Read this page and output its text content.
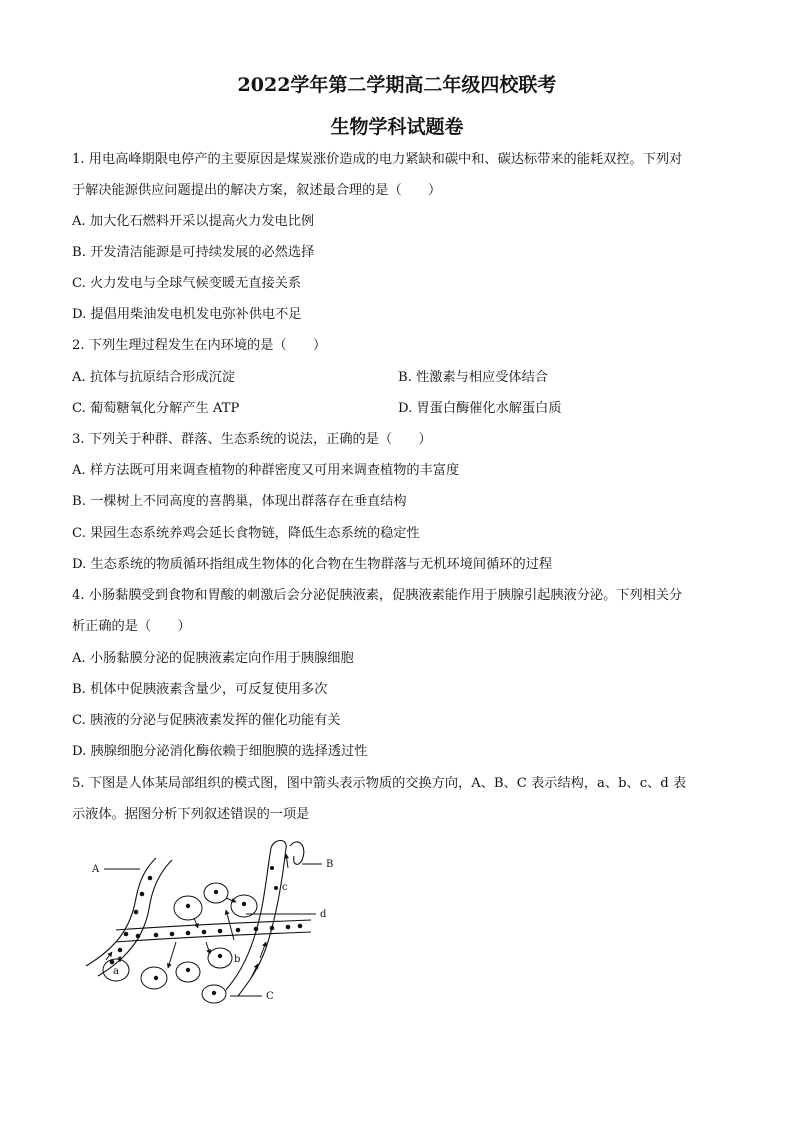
2022学年第二学期高二年级四校联考
生物学科试题卷
1. 用电高峰期限电停产的主要原因是煤炭涨价造成的电力紧缺和碳中和、碳达标带来的能耗双控。下列对
于解决能源供应问题提出的解决方案，叙述最合理的是（　　）
A. 加大化石燃料开采以提高火力发电比例
B. 开发清洁能源是可持续发展的必然选择
C. 火力发电与全球气候变暖无直接关系
D. 提倡用柴油发电机发电弥补供电不足
2. 下列生理过程发生在内环境的是（　　）
A. 抗体与抗原结合形成沉淀	B. 性激素与相应受体结合
C. 葡萄糖氧化分解产生 ATP	D. 胃蛋白酶催化水解蛋白质
3. 下列关于种群、群落、生态系统的说法，正确的是（　　）
A. 样方法既可用来调查植物的种群密度又可用来调查植物的丰富度
B. 一棵树上不同高度的喜鹊巢，体现出群落存在垂直结构
C. 果园生态系统养鸡会延长食物链，降低生态系统的稳定性
D. 生态系统的物质循环指组成生物体的化合物在生物群落与无机环境间循环的过程
4. 小肠黏膜受到食物和胃酸的刺激后会分泌促胰液素，促胰液素能作用于胰腺引起胰液分泌。下列相关分
析正确的是（　　）
A. 小肠黏膜分泌的促胰液素定向作用于胰腺细胞
B. 机体中促胰液素含量少，可反复使用多次
C. 胰液的分泌与促胰液素发挥的催化功能有关
D. 胰腺细胞分泌消化酶依赖于细胞膜的选择透过性
5. 下图是人体某局部组织的模式图，图中箭头表示物质的交换方向，A、B、C 表示结构，a、b、c、d 表
示液体。据图分析下列叙述错误的一项是
A	B
C
a
b
c
d
